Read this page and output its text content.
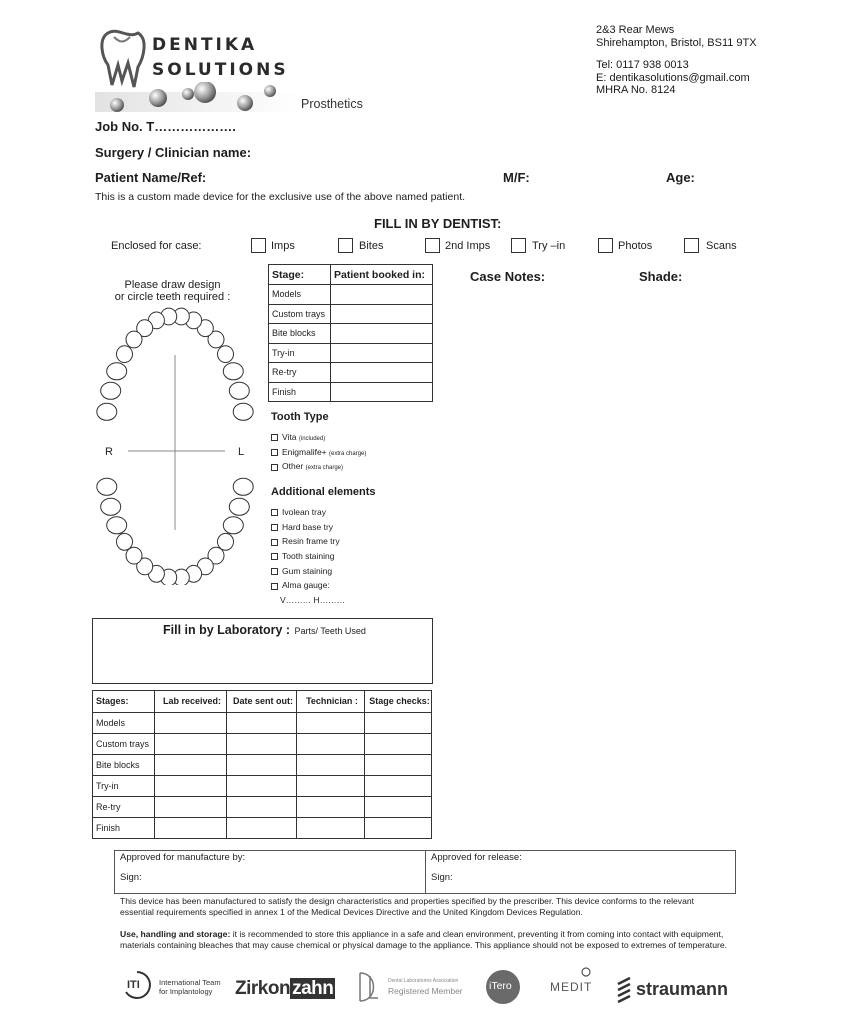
DENTIKA
SOLUTIONS
Prosthetics
2&3 Rear Mews
Shirehampton, Bristol, BS11 9TX
Tel: 0117 938 0013
E: dentikasolutions@gmail.com
MHRA No. 8124
Job No. T……………….
Surgery / Clinician name:
Patient Name/Ref:	M/F:	Age:
This is a custom made device for the exclusive use of the above named patient.
FILL IN BY DENTIST:
Enclosed for case:	Imps	Bites	2nd Imps	Try –in	Photos	Scans
Please draw design
or circle teeth required :
R	L
Stage:	Patient booked in:
Models	
Custom trays	
Bite blocks	
Try-in	
Re-try	
Finish	
Case Notes:	Shade:
Tooth Type
Vita (included)
Enigmalife+ (extra charge)
Other (extra charge)
Additional elements
Ivolean tray
Hard base try
Resin frame try
Tooth staining
Gum staining
Alma gauge:
V……… H………
Fill in by Laboratory : Parts/ Teeth Used
Stages:	Lab received:	Date sent out:	Technician :	Stage checks:
Models				
Custom trays				
Bite blocks				
Try-in				
Re-try				
Finish				
Approved for manufacture by:
Sign:
Approved for release:
Sign:
This device has been manufactured to satisfy the design characteristics and properties specified by the prescriber. This device conforms to the relevant essential requirements specified in annex 1 of the Medical Devices Directive and the United Kingdom Devices Regulation.
Use, handling and storage: it is recommended to store this appliance in a safe and clean environment, preventing it from coming into contact with equipment, materials containing bleaches that may cause chemical or physical damage to the appliance. This appliance should not be exposed to extremes of temperature.
ITI	International Team
for Implantology Zirkon zahn	Dental Laboratories Association
Registered Member	iTero	MEDIT straumann
